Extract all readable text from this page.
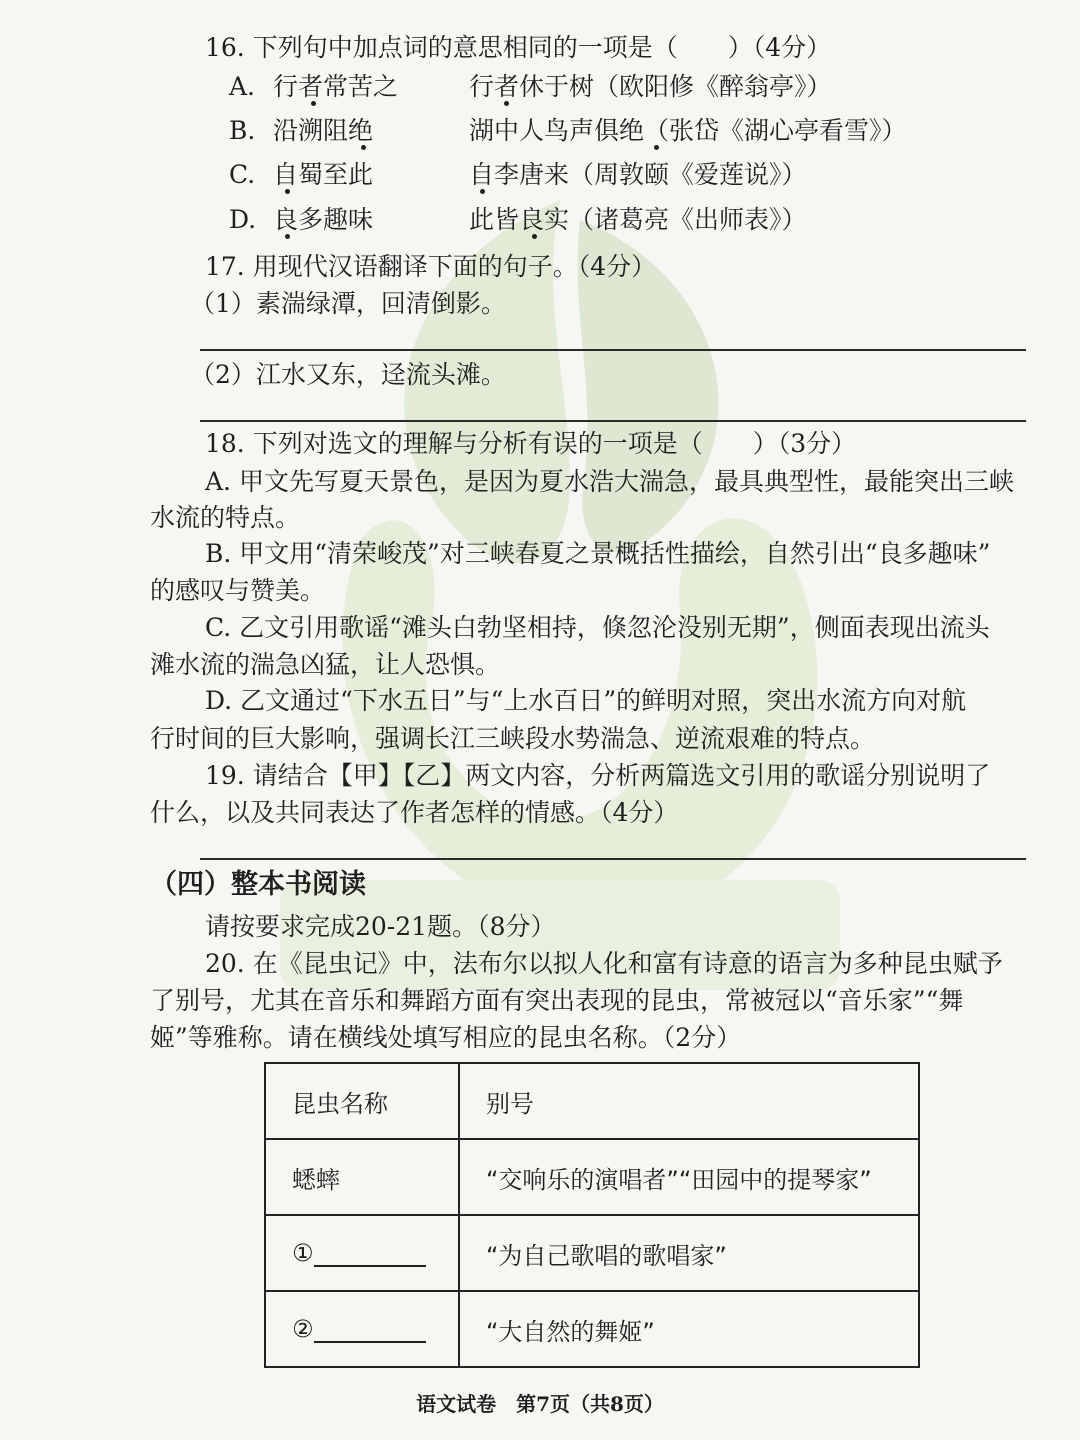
16. 下列句中加点词的意思相同的一项是（　　）（4分）
A. 行者常苦之	行者休于树（欧阳修《醉翁亭》）
B. 沿溯阻绝	湖中人鸟声俱绝（张岱《湖心亭看雪》）
C. 自蜀至此	自李唐来（周敦颐《爱莲说》）
D. 良多趣味	此皆良实（诸葛亮《出师表》）
17. 用现代汉语翻译下面的句子。（4分）
（1）素湍绿潭，回清倒影。
（2）江水又东，迳流头滩。
18. 下列对选文的理解与分析有误的一项是（　　）（3分）
A. 甲文先写夏天景色，是因为夏水浩大湍急，最具典型性，最能突出三峡
水流的特点。
B. 甲文用“清荣峻茂”对三峡春夏之景概括性描绘，自然引出“良多趣味”
的感叹与赞美。
C. 乙文引用歌谣“滩头白勃坚相持，倏忽沦没别无期”，侧面表现出流头
滩水流的湍急凶猛，让人恐惧。
D. 乙文通过“下水五日”与“上水百日”的鲜明对照，突出水流方向对航
行时间的巨大影响，强调长江三峡段水势湍急、逆流艰难的特点。
19. 请结合【甲】【乙】两文内容，分析两篇选文引用的歌谣分别说明了
什么，以及共同表达了作者怎样的情感。（4分）
（四）整本书阅读
请按要求完成20-21题。（8分）
20. 在《昆虫记》中，法布尔以拟人化和富有诗意的语言为多种昆虫赋予
了别号，尤其在音乐和舞蹈方面有突出表现的昆虫，常被冠以“音乐家”“舞
姬”等雅称。请在横线处填写相应的昆虫名称。（2分）
昆虫名称	别号
蟋蟀	“交响乐的演唱者”“田园中的提琴家”
①	“为自己歌唱的歌唱家”
②	“大自然的舞姬”
语文试卷　第7页（共8页）
